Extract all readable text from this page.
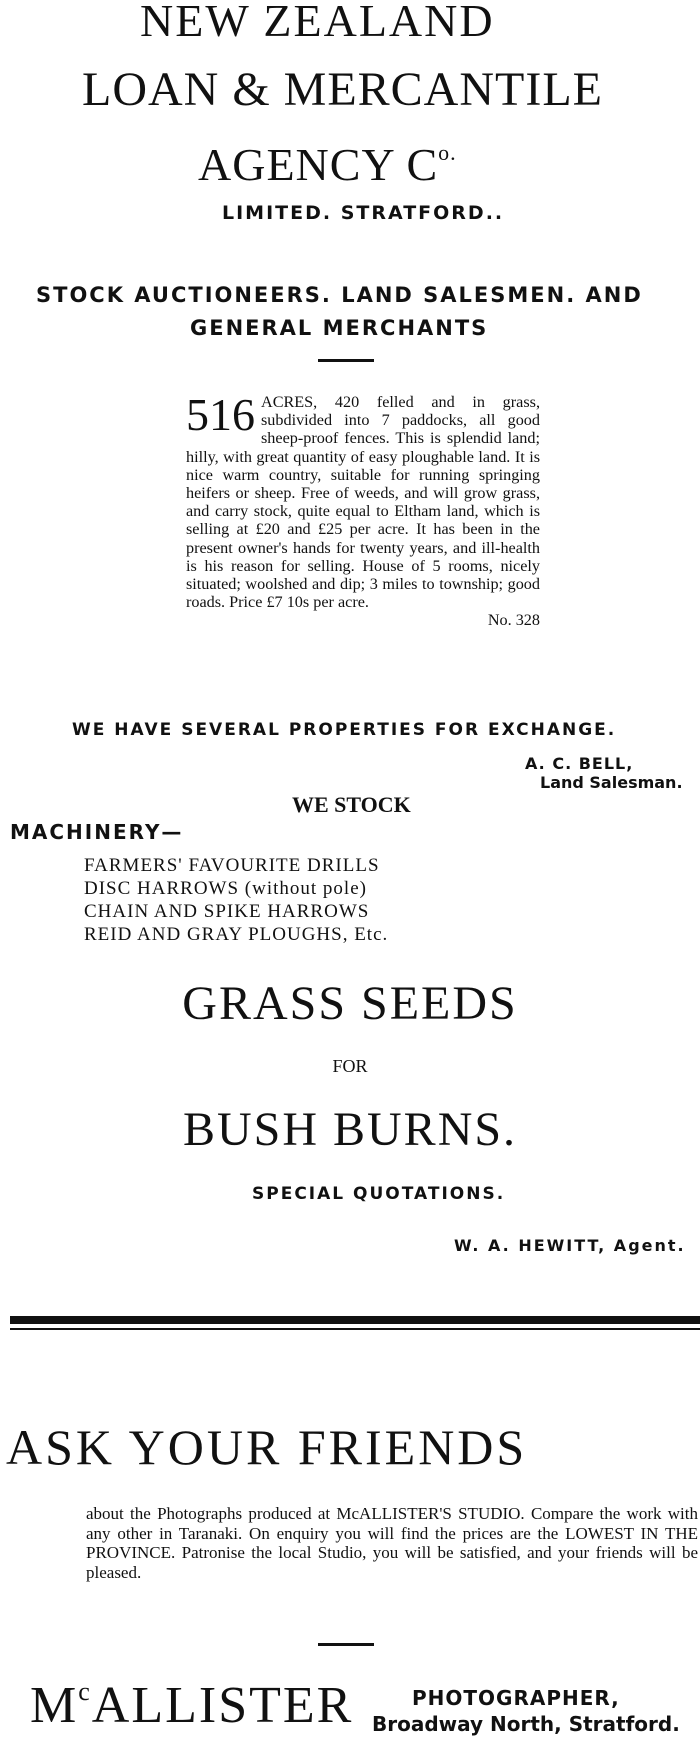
NEW ZEALAND
LOAN & MERCANTILE
AGENCY $C^{o.}$
LIMITED. STRATFORD..
STOCK AUCTIONEERS. LAND SALESMEN. AND
GENERAL MERCHANTS
516 ACRES, 420 felled and in grass, subdivided into 7 paddocks, all good sheep-proof fences. This is splendid land; hilly, with great quantity of easy ploughable land. It is nice warm country, suitable for running springing heifers or sheep. Free of weeds, and will grow grass, and carry stock, quite equal to Eltham land, which is selling at £20 and £25 per acre. It has been in the present owner's hands for twenty years, and ill-health is his reason for selling. House of 5 rooms, nicely situated; woolshed and dip; 3 miles to township; good roads. Price £7 10s per acre.
No. 328
WE HAVE SEVERAL PROPERTIES FOR EXCHANGE.
A. C. BELL,
Land Salesman.
WE STOCK
MACHINERY—
FARMERS' FAVOURITE DRILLS
DISC HARROWS (without pole)
CHAIN AND SPIKE HARROWS
REID AND GRAY PLOUGHS, Etc.
GRASS SEEDS
FOR
BUSH BURNS.
SPECIAL QUOTATIONS.
W. A. HEWITT, Agent.
ASK YOUR FRIENDS
about the Photographs produced at McALLISTER'S STUDIO. Compare the work with any other in Taranaki. On enquiry you will find the prices are the LOWEST IN THE PROVINCE. Patronise the local Studio, you will be satisfied, and your friends will be pleased.
$M^cALLISTER$	PHOTOGRAPHER,
Broadway North, Stratford.
